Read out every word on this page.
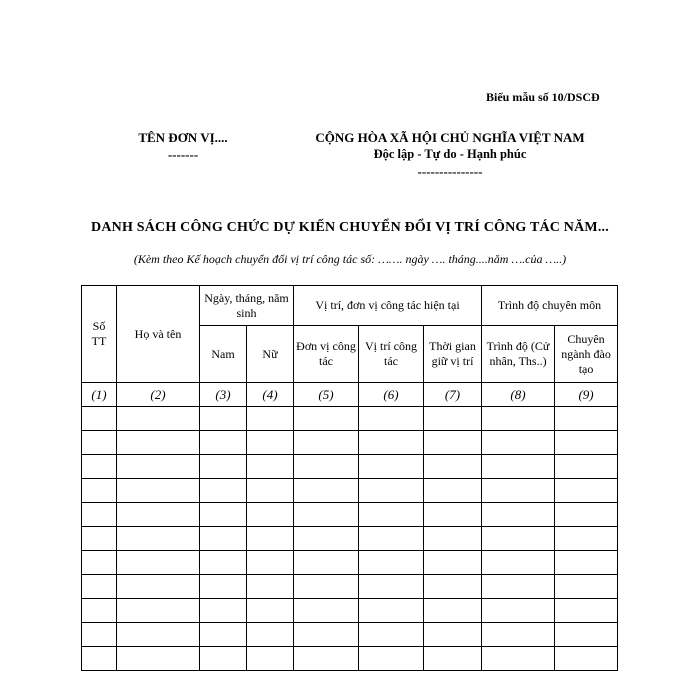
Biểu mẫu số 10/DSCĐ
TÊN ĐƠN VỊ....
-------
CỘNG HÒA XÃ HỘI CHỦ NGHĨA VIỆT NAM
Độc lập - Tự do - Hạnh phúc
---------------
DANH SÁCH CÔNG CHỨC DỰ KIẾN CHUYỂN ĐỔI VỊ TRÍ CÔNG TÁC NĂM...
(Kèm theo Kế hoạch chuyển đổi vị trí công tác số: ……. ngày …. tháng....năm ….của …..)
Số
TT	Họ và tên	Ngày, tháng, năm sinh		Vị trí, đơn vị công tác hiện tại			Trình độ chuyên môn	
		Nam	Nữ	Đơn vị công tác	Vị trí công tác	Thời gian giữ vị trí	Trình độ (Cử nhân, Ths..)	Chuyên ngành đào tạo
(1)	(2)	(3)	(4)	(5)	(6)	(7)	(8)	(9)
